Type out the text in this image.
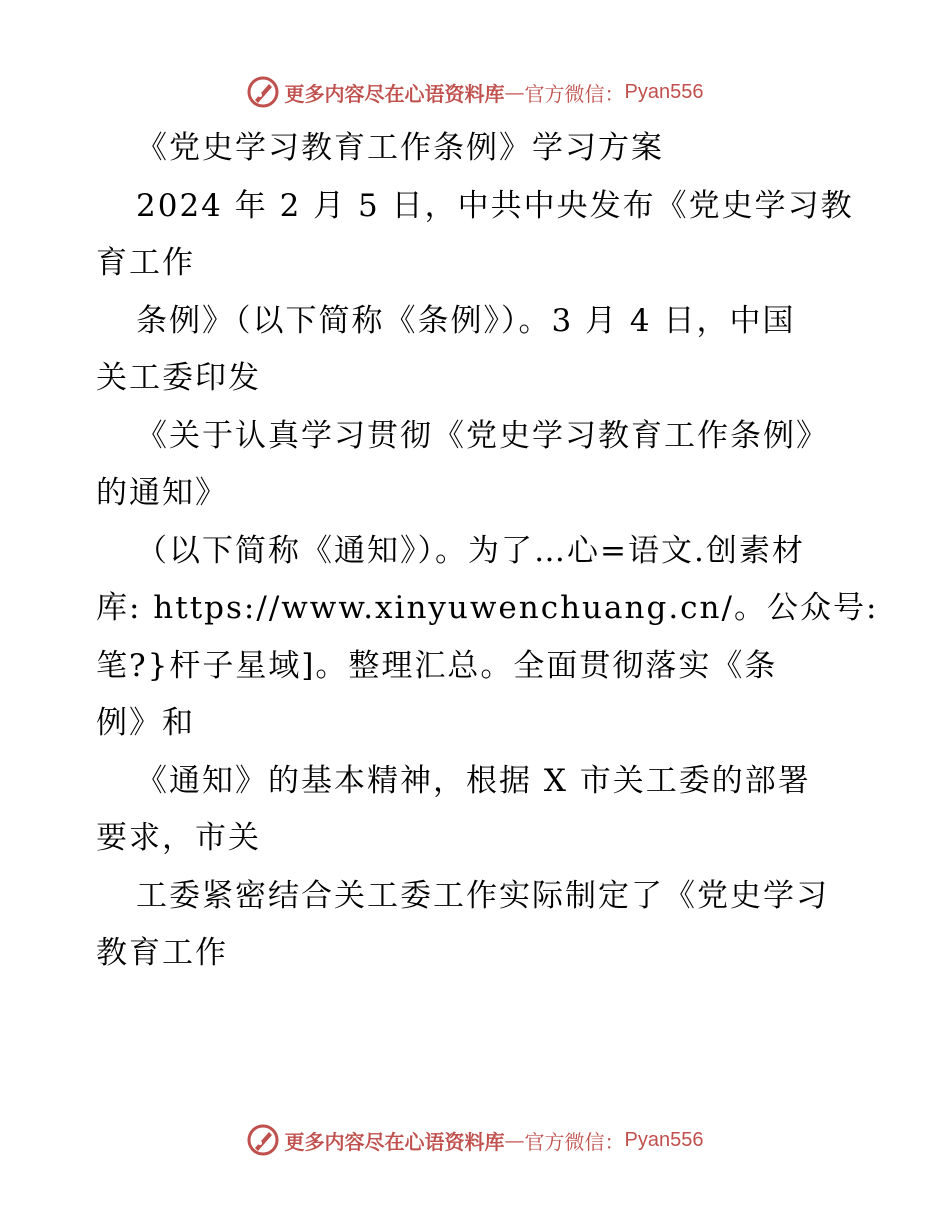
更多内容尽在心语资料库 — 官方微信： Pyan556
《党史学习教育工作条例》学习方案
2024 年 2 月 5 日，中共中央发布《党史学习教
育工作
条例》（以下简称《条例》）。3 月 4 日，中国
关工委印发
《关于认真学习贯彻《党史学习教育工作条例》
的通知》
（以下简称《通知》）。为了…心=语文.创素材
库: https://www.xinyuwenchuang.cn/。公众号:
笔?}杆子星域]。整理汇总。全面贯彻落实《条
例》和
《通知》的基本精神，根据 X 市关工委的部署
要求，市关
工委紧密结合关工委工作实际制定了《党史学习
教育工作
更多内容尽在心语资料库 — 官方微信： Pyan556
